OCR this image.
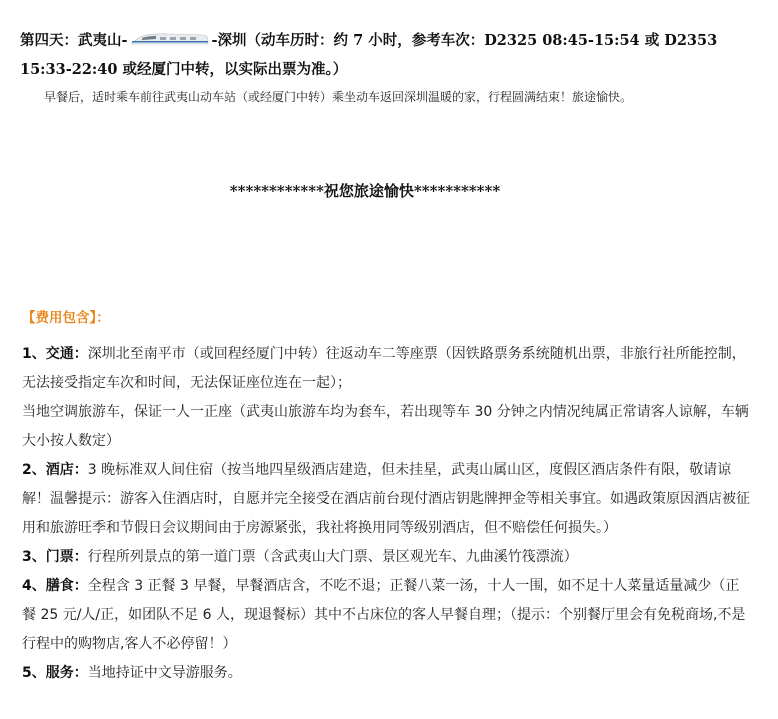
第四天：武夷山-	-深圳（动车历时：约 7 小时，参考车次：D2325 08:45-15:54 或 D2353 15:33-22:40 或经厦门中转，以实际出票为准。）
早餐后，适时乘车前往武夷山动车站（或经厦门中转）乘坐动车返回深圳温暖的家，行程圆满结束！旅途愉快。
************祝您旅途愉快***********
【费用包含】：

1、交通：深圳北至南平市（或回程经厦门中转）往返动车二等座票（因铁路票务系统随机出票，非旅行社所能控制，无法接受指定车次和时间，无法保证座位连在一起）；

当地空调旅游车，保证一人一正座（武夷山旅游车均为套车，若出现等车 30 分钟之内情况纯属正常请客人谅解，车辆大小按人数定）

2、酒店：3 晚标准双人间住宿（按当地四星级酒店建造，但未挂星，武夷山属山区，度假区酒店条件有限，敬请谅解！温馨提示：游客入住酒店时，自愿并完全接受在酒店前台现付酒店钥匙牌押金等相关事宜。如遇政策原因酒店被征用和旅游旺季和节假日会议期间由于房源紧张，我社将换用同等级别酒店，但不赔偿任何损失。）

3、门票：行程所列景点的第一道门票（含武夷山大门票、景区观光车、九曲溪竹筏漂流）

4、膳食：全程含 3 正餐 3 早餐，早餐酒店含，不吃不退；正餐八菜一汤，十人一围，如不足十人菜量适量减少（正餐 25 元/人/正，如团队不足 6 人，现退餐标）其中不占床位的客人早餐自理；（提示：个别餐厅里会有免税商场,不是行程中的购物店,客人不必停留！）

5、服务：当地持证中文导游服务。
